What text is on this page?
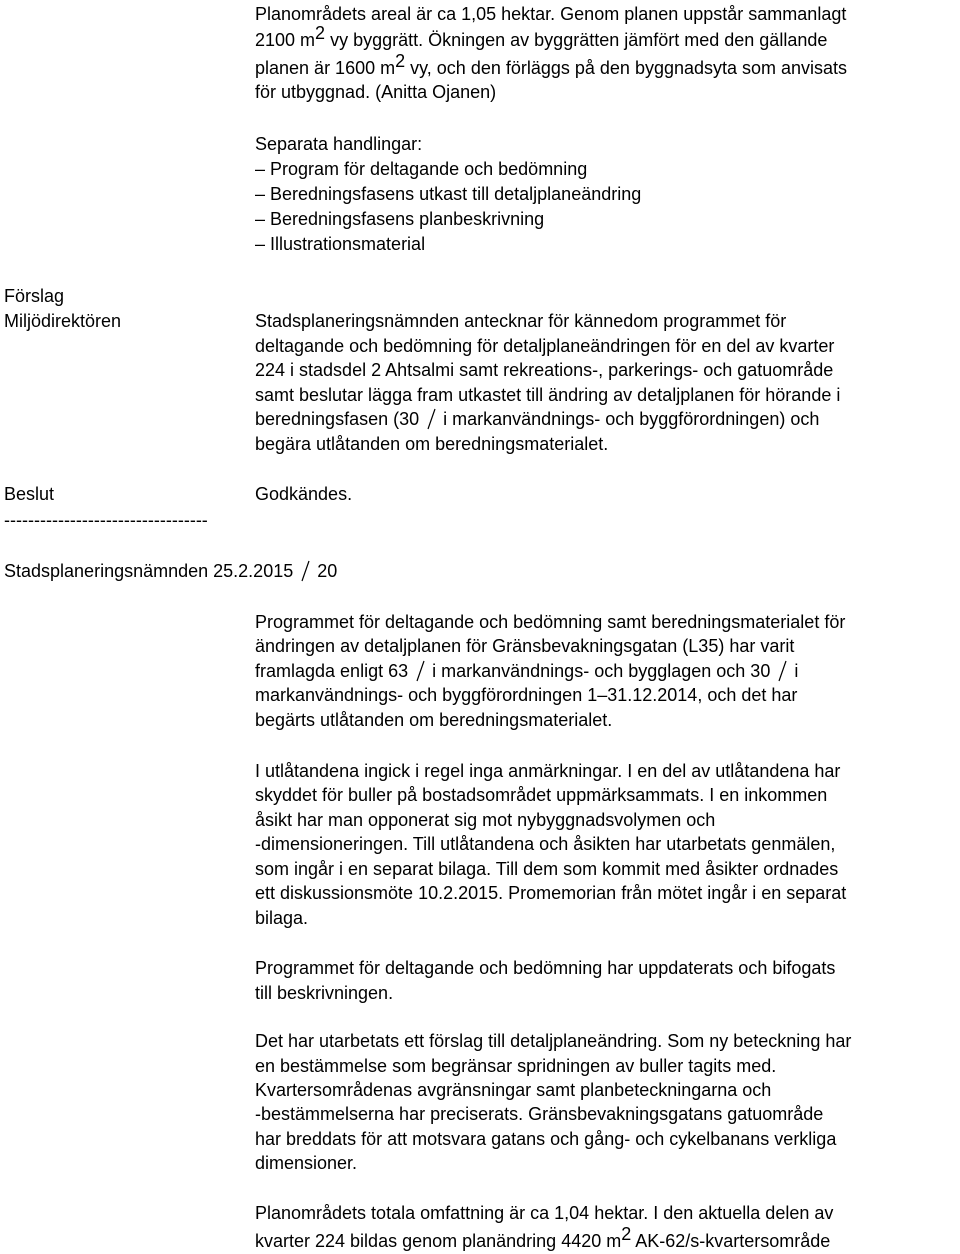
Planområdets areal är ca 1,05 hektar. Genom planen uppstår sammanlagt
2100 $m^2$ vy byggrätt. Ökningen av byggrätten jämfört med den gällande
planen är 1600 $m^2$ vy, och den förläggs på den byggnadsyta som anvisats
för utbyggnad. (Anitta Ojanen)
Separata handlingar:
– Program för deltagande och bedömning
– Beredningsfasens utkast till detaljplaneändring
– Beredningsfasens planbeskrivning
– Illustrationsmaterial
Förslag
Miljödirektören	Stadsplaneringsnämnden antecknar för kännedom programmet för
deltagande och bedömning för detaljplaneändringen för en del av kvarter
224 i stadsdel 2 Ahtsalmi samt rekreations-, parkerings- och gatuområde
samt beslutar lägga fram utkastet till ändring av detaljplanen för hörande i
beredningsfasen (30
i markanvändnings- och byggförordningen) och
begära utlåtanden om beredningsmaterialet.
Beslut	Godkändes.
----------------------------------
Stadsplaneringsnämnden 25.2.2015
20
Programmet för deltagande och bedömning samt beredningsmaterialet för
ändringen av detaljplanen för Gränsbevakningsgatan (L35) har varit
framlagda enligt 63
i markanvändnings- och bygglagen och 30
i
markanvändnings- och byggförordningen 1–31.12.2014, och det har
begärts utlåtanden om beredningsmaterialet.
I utlåtandena ingick i regel inga anmärkningar. I en del av utlåtandena har
skyddet för buller på bostadsområdet uppmärksammats. I en inkommen
åsikt har man opponerat sig mot nybyggnadsvolymen och
-dimensioneringen. Till utlåtandena och åsikten har utarbetats genmälen,
som ingår i en separat bilaga. Till dem som kommit med åsikter ordnades
ett diskussionsmöte 10.2.2015. Promemorian från mötet ingår i en separat
bilaga.
Programmet för deltagande och bedömning har uppdaterats och bifogats
till beskrivningen.
Det har utarbetats ett förslag till detaljplaneändring. Som ny beteckning har
en bestämmelse som begränsar spridningen av buller tagits med.
Kvartersområdenas avgränsningar samt planbeteckningarna och
-bestämmelserna har preciserats. Gränsbevakningsgatans gatuområde
har breddats för att motsvara gatans och gång- och cykelbanans verkliga
dimensioner.
Planområdets totala omfattning är ca 1,04 hektar. I den aktuella delen av
kvarter 224 bildas genom planändring 4420 $m^2$ AK-62/s-kvartersområde
